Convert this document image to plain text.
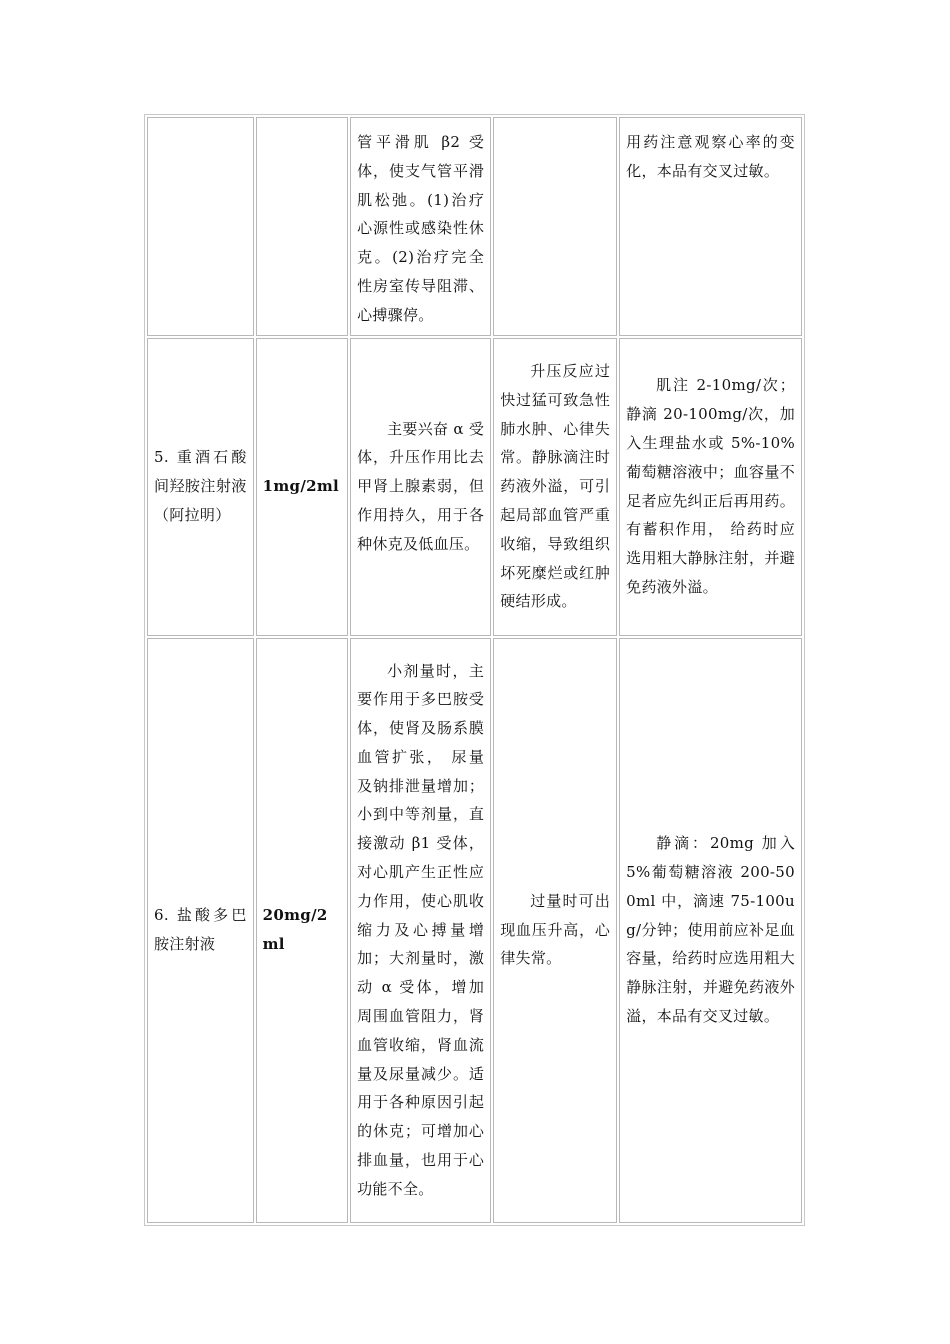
		管平滑肌 β2 受体，使支气管平滑肌松弛。(1)治疗心源性或感染性休克。(2)治疗完全性房室传导阻滞、心搏骤停。		用药注意观察心率的变化，本品有交叉过敏。
5. 重酒石酸间羟胺注射液（阿拉明）	1mg/2ml	主要兴奋 α 受体，升压作用比去甲肾上腺素弱，但作用持久，用于各种休克及低血压。	升压反应过快过猛可致急性肺水肿、心律失常。静脉滴注时药液外溢，可引起局部血管严重收缩，导致组织坏死糜烂或红肿硬结形成。	肌注 2-10mg/次；静滴 20-100mg/次，加入生理盐水或 5%-10%葡萄糖溶液中；血容量不足者应先纠正后再用药。有蓄积作用， 给药时应选用粗大静脉注射，并避免药液外溢。

6. 盐酸多巴胺注射液	20mg/2ml	小剂量时，主要作用于多巴胺受体，使肾及肠系膜血管扩张， 尿量及钠排泄量增加；小到中等剂量，直接激动 β1 受体， 对心肌产生正性应力作用，使心肌收缩力及心搏量增加；大剂量时，激动 α 受体，增加周围血管阻力，肾血管收缩，肾血流量及尿量减少。适用于各种原因引起的休克；可增加心排血量，也用于心功能不全。	过量时可出现血压升高，心律失常。	静滴：20mg 加入 5%葡萄糖溶液 200-500ml 中，滴速 75-100ug/分钟；使用前应补足血容量，给药时应选用粗大静脉注射，并避免药液外溢，本品有交叉过敏。
